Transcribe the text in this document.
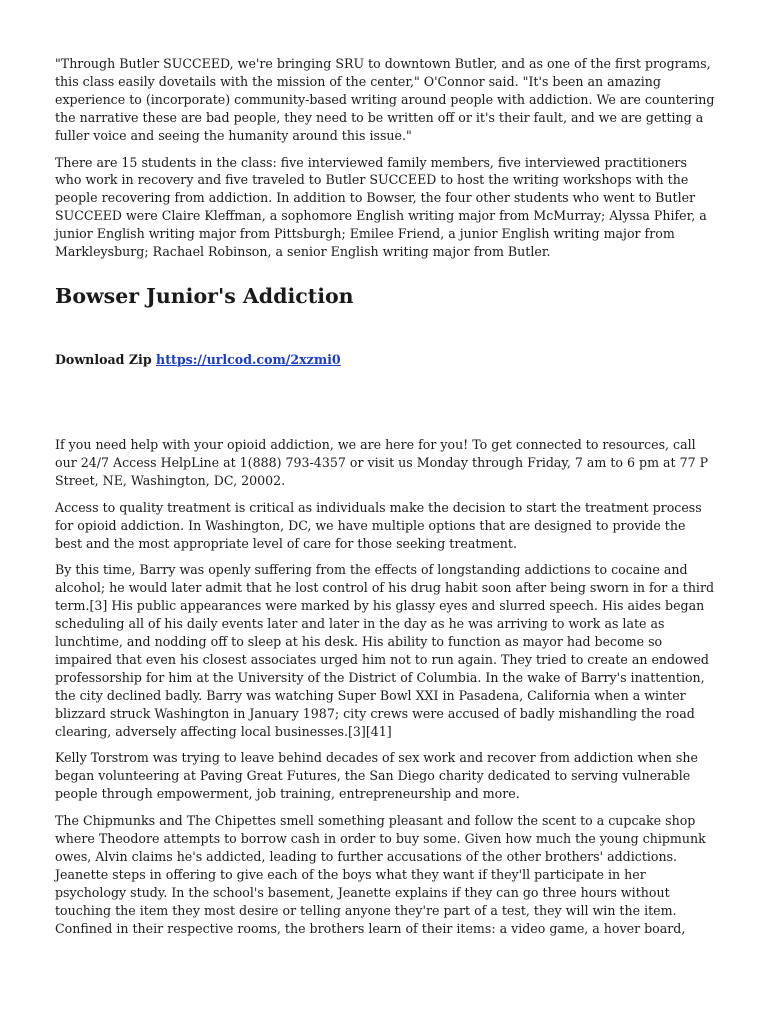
"Through Butler SUCCEED, we're bringing SRU to downtown Butler, and as one of the first programs, this class easily dovetails with the mission of the center," O'Connor said. "It's been an amazing experience to (incorporate) community-based writing around people with addiction. We are countering the narrative these are bad people, they need to be written off or it's their fault, and we are getting a fuller voice and seeing the humanity around this issue."

There are 15 students in the class: five interviewed family members, five interviewed practitioners who work in recovery and five traveled to Butler SUCCEED to host the writing workshops with the people recovering from addiction. In addition to Bowser, the four other students who went to Butler SUCCEED were Claire Kleffman, a sophomore English writing major from McMurray; Alyssa Phifer, a junior English writing major from Pittsburgh; Emilee Friend, a junior English writing major from Markleysburg; Rachael Robinson, a senior English writing major from Butler.

Bowser Junior's Addiction
Download Zip https://urlcod.com/2xzmi0

If you need help with your opioid addiction, we are here for you! To get connected to resources, call our 24/7 Access HelpLine at 1(888) 793-4357 or visit us Monday through Friday, 7 am to 6 pm at 77 P Street, NE, Washington, DC, 20002.

Access to quality treatment is critical as individuals make the decision to start the treatment process for opioid addiction. In Washington, DC, we have multiple options that are designed to provide the best and the most appropriate level of care for those seeking treatment.

By this time, Barry was openly suffering from the effects of longstanding addictions to cocaine and alcohol; he would later admit that he lost control of his drug habit soon after being sworn in for a third term.[3] His public appearances were marked by his glassy eyes and slurred speech. His aides began scheduling all of his daily events later and later in the day as he was arriving to work as late as lunchtime, and nodding off to sleep at his desk. His ability to function as mayor had become so impaired that even his closest associates urged him not to run again. They tried to create an endowed professorship for him at the University of the District of Columbia. In the wake of Barry's inattention, the city declined badly. Barry was watching Super Bowl XXI in Pasadena, California when a winter blizzard struck Washington in January 1987; city crews were accused of badly mishandling the road clearing, adversely affecting local businesses.[3][41]

Kelly Torstrom was trying to leave behind decades of sex work and recover from addiction when she began volunteering at Paving Great Futures, the San Diego charity dedicated to serving vulnerable people through empowerment, job training, entrepreneurship and more.

The Chipmunks and The Chipettes smell something pleasant and follow the scent to a cupcake shop where Theodore attempts to borrow cash in order to buy some. Given how much the young chipmunk owes, Alvin claims he's addicted, leading to further accusations of the other brothers' addictions. Jeanette steps in offering to give each of the boys what they want if they'll participate in her psychology study. In the school's basement, Jeanette explains if they can go three hours without touching the item they most desire or telling anyone they're part of a test, they will win the item. Confined in their respective rooms, the brothers learn of their items: a video game, a hover board,
